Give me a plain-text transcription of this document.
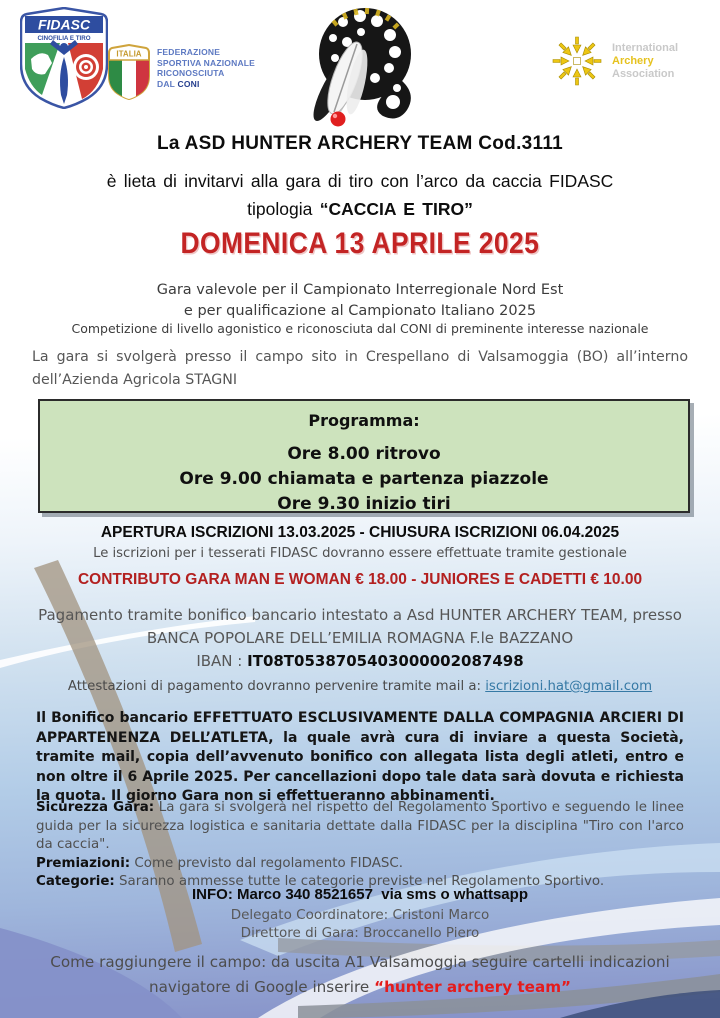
FIDASC
CINOFILIA E TIRO
ITALIA FEDERAZIONE
SPORTIVA NAZIONALE
RICONOSCIUTA
DAL CONI
International
Archery
Association
La ASD HUNTER ARCHERY TEAM Cod.3111
è lieta di invitarvi alla gara di tiro con l’arco da caccia FIDASC
tipologia “CACCIA E TIRO”
DOMENICA 13 APRILE 2025
Gara valevole per il Campionato Interregionale Nord Est
e per qualificazione al Campionato Italiano 2025
Competizione di livello agonistico e riconosciuta dal CONI di preminente interesse nazionale
La gara si svolgerà presso il campo sito in Crespellano di Valsamoggia (BO) all’interno dell’Azienda Agricola STAGNI
Programma:
Ore 8.00 ritrovo
Ore 9.00 chiamata e partenza piazzole
Ore 9.30 inizio tiri
APERTURA ISCRIZIONI 13.03.2025 - CHIUSURA ISCRIZIONI 06.04.2025
Le iscrizioni per i tesserati FIDASC dovranno essere effettuate tramite gestionale
CONTRIBUTO GARA MAN E WOMAN € 18.00 - JUNIORES E CADETTI € 10.00
Pagamento tramite bonifico bancario intestato a Asd HUNTER ARCHERY TEAM, presso
BANCA POPOLARE DELL’EMILIA ROMAGNA F.le BAZZANO
IBAN : IT08T0538705403000002087498
Attestazioni di pagamento dovranno pervenire tramite mail a: iscrizioni.hat@gmail.com
Il Bonifico bancario EFFETTUATO ESCLUSIVAMENTE DALLA COMPAGNIA ARCIERI DI APPARTENENZA DELL’ATLETA, la quale avrà cura di inviare a questa Società, tramite mail, copia dell’avvenuto bonifico con allegata lista degli atleti, entro e non oltre il 6 Aprile 2025. Per cancellazioni dopo tale data sarà dovuta e richiesta la quota. Il giorno Gara non si effettueranno abbinamenti.

Sicurezza Gara: La gara si svolgerà nel rispetto del Regolamento Sportivo e seguendo le linee guida per la sicurezza logistica e sanitaria dettate dalla FIDASC per la disciplina "Tiro con l'arco da caccia".

Premiazioni: Come previsto dal regolamento FIDASC.

Categorie: Saranno ammesse tutte le categorie previste nel Regolamento Sportivo.

INFO: Marco 340 8521657  via sms o whattsapp
Delegato Coordinatore: Cristoni Marco
Direttore di Gara: Broccanello Piero
Come raggiungere il campo: da uscita A1 Valsamoggia seguire cartelli indicazioni
navigatore di Google inserire “hunter archery team”
